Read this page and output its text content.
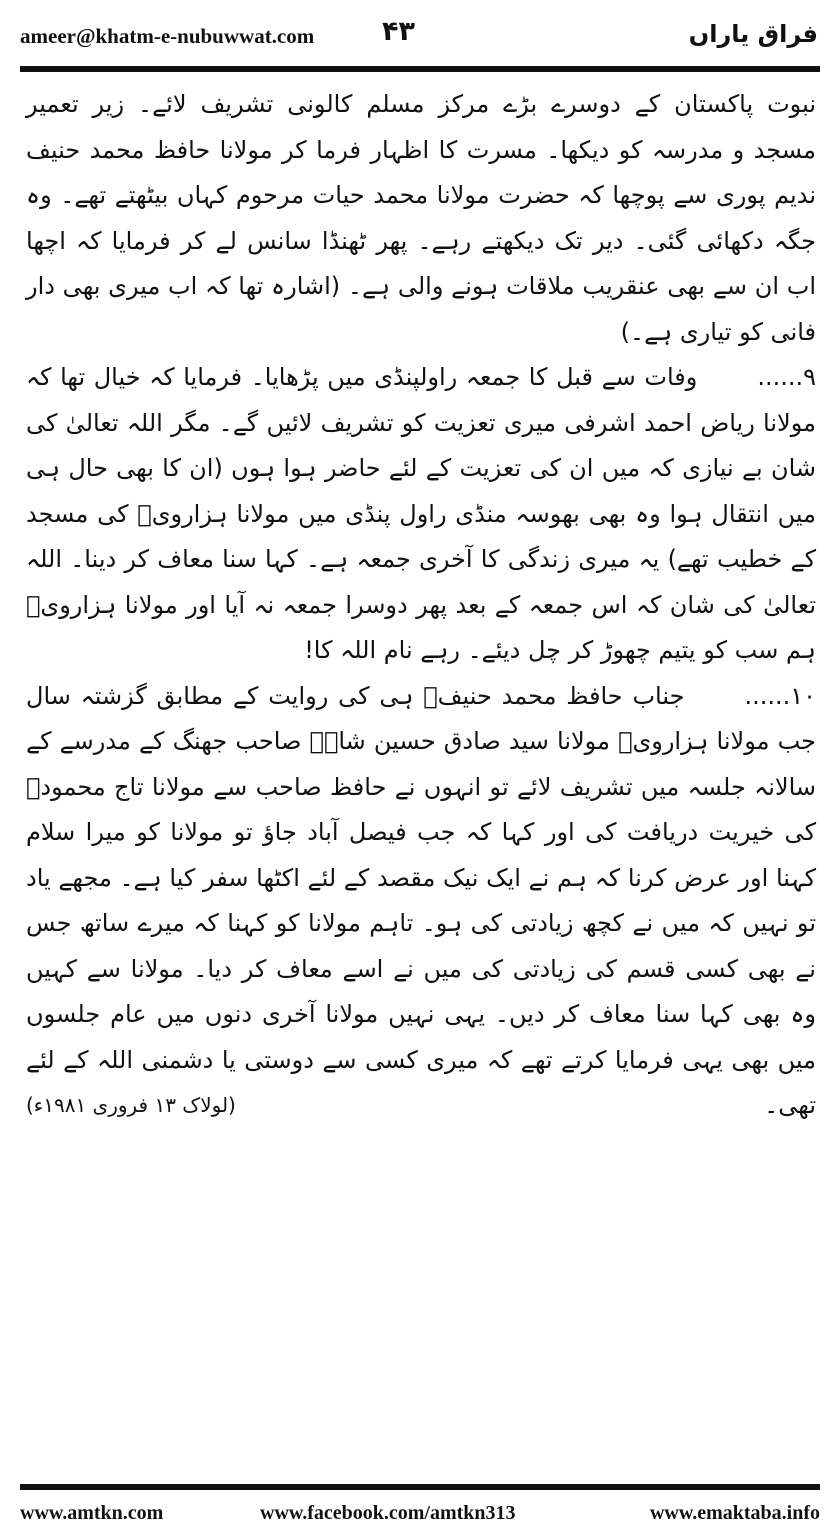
ameer@khatm-e-nubuwwat.com	۴۳	فراق یاراں

نبوت پاکستان کے دوسرے بڑے مرکز مسلم کالونی تشریف لائے۔ زیر تعمیر مسجد و مدرسہ کو دیکھا۔ مسرت کا اظہار فرما کر مولانا حافظ محمد حنیف ندیم پوری سے پوچھا کہ حضرت مولانا محمد حیات مرحوم کہاں بیٹھتے تھے۔ وہ جگہ دکھائی گئی۔ دیر تک دیکھتے رہے۔ پھر ٹھنڈا سانس لے کر فرمایا کہ اچھا اب ان سے بھی عنقریب ملاقات ہونے والی ہے۔ (اشارہ تھا کہ اب میری بھی دار فانی کو تیاری ہے۔)

۹......وفات سے قبل کا جمعہ راولپنڈی میں پڑھایا۔ فرمایا کہ خیال تھا کہ مولانا ریاض احمد اشرفی میری تعزیت کو تشریف لائیں گے۔ مگر اللہ تعالیٰ کی شان بے نیازی کہ میں ان کی تعزیت کے لئے حاضر ہوا ہوں (ان کا بھی حال ہی میں انتقال ہوا وہ بھی بھوسہ منڈی راول پنڈی میں مولانا ہزارویؒ کی مسجد کے خطیب تھے) یہ میری زندگی کا آخری جمعہ ہے۔ کہا سنا معاف کر دینا۔ اللہ تعالیٰ کی شان کہ اس جمعہ کے بعد پھر دوسرا جمعہ نہ آیا اور مولانا ہزارویؒ ہم سب کو یتیم چھوڑ کر چل دیئے۔ رہے نام اللہ کا!

۱۰......جناب حافظ محمد حنیفؒ ہی کی روایت کے مطابق گزشتہ سال جب مولانا ہزارویؒ مولانا سید صادق حسین شاہؒ صاحب جھنگ کے مدرسے کے سالانہ جلسہ میں تشریف لائے تو انہوں نے حافظ صاحب سے مولانا تاج محمودؒ کی خیریت دریافت کی اور کہا کہ جب فیصل آباد جاؤ تو مولانا کو میرا سلام کہنا اور عرض کرنا کہ ہم نے ایک نیک مقصد کے لئے اکٹھا سفر کیا ہے۔ مجھے یاد تو نہیں کہ میں نے کچھ زیادتی کی ہو۔ تاہم مولانا کو کہنا کہ میرے ساتھ جس نے بھی کسی قسم کی زیادتی کی میں نے اسے معاف کر دیا۔ مولانا سے کہیں وہ بھی کہا سنا معاف کر دیں۔ یہی نہیں مولانا آخری دنوں میں عام جلسوں میں بھی یہی فرمایا کرتے تھے کہ میری کسی سے دوستی یا دشمنی اللہ کے لئے تھی۔
(لولاک ۱۳ فروری ۱۹۸۱ء)

www.amtkn.com	www.facebook.com/amtkn313	www.emaktaba.info
